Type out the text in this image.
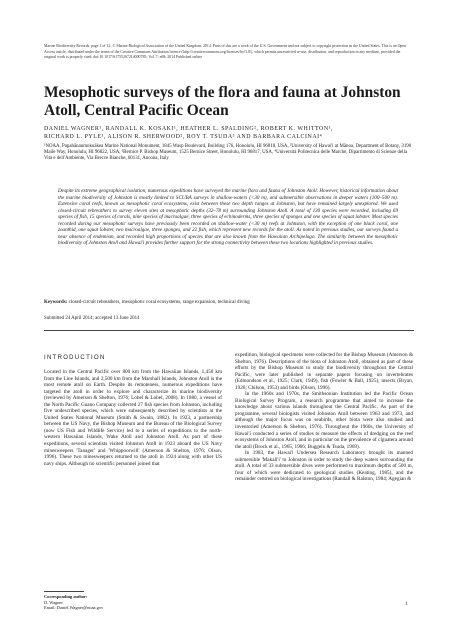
Marine Biodiversity Records, page 1 of 12. © Marine Biological Association of the United Kingdom, 2014. Parts of this are a work of the U.S. Government and not subject to copyright protection in the United States. This is an Open Access article, distributed under the terms of the Creative Commons Attribution licence (http://creativecommons.org/licenses/by/3.0/), which permits unrestricted re-use, distribution, and reproduction in any medium, provided the original work is properly cited. doi:10.1017/S1755267214000785; Vol. 7; e68; 2014 Published online
Mesophotic surveys of the flora and fauna at Johnston Atoll, Central Pacific Ocean
DANIEL WAGNER¹, RANDALL K. KOSAKI¹, HEATHER L. SPALDING², ROBERT K. WHITTON¹,
RICHARD L. PYLE³, ALISON R. SHERWOOD², ROY T. TSUDA³ AND BARBARA CALCINAI⁴
¹NOAA, Papahānaumokuākea Marine National Monument, 1845 Wasp Boulevard, Building 176, Honolulu, HI 96818, USA, ²University of Hawai'i at Mānoa, Department of Botany, 3190 Maile Way, Honolulu, HI 96822, USA, ³Bernice P. Bishop Museum, 1525 Bernice Street, Honolulu, HI 96817, USA, ⁴Università Politecnica delle Marche, Dipartimento di Scienze della Vita e dell'Ambiente, Via Brecce Bianche, 60131, Ancona, Italy
Despite its extreme geographical isolation, numerous expeditions have surveyed the marine flora and fauna of Johnston Atoll. However, historical information about the marine biodiversity of Johnston is mostly limited to SCUBA surveys in shallow-waters (<30 m), and submersible observations in deeper waters (100–500 m). Extensive coral reefs, known as mesophotic coral ecosystems, exist between these two depth ranges at Johnston, but have remained largely unexplored. We used closed-circuit rebreathers to survey eleven sites at mesophotic depths (32–78 m) surrounding Johnston Atoll. A total of 130 species were recorded, including 69 species of fish, 15 species of corals, nine species of macroalgae, three species of echinoderms, three species of sponges and one species of squat lobster. Most species recorded during our mesophotic surveys have previously been recorded on shallow-water (<30 m) reefs at Johnston, with the exception of one black coral, one zoanthid, one squat lobster, two macroalgae, three sponges, and 22 fish, which represent new records for the atoll. As noted in previous studies, our surveys found a near absence of endemism, and recorded high proportions of species that are also known from the Hawaiian Archipelago. The similarity between the mesophotic biodiversity of Johnston Atoll and Hawai'i provides further support for the strong connectivity between these two locations highlighted in previous studies.
Keywords: closed-circuit rebreathers, mesophotic coral ecosystems, range expansion, technical diving
Submitted 24 April 2014; accepted 13 June 2014
INTRODUCTION

Located in the Central Pacific over 800 km from the Hawaiian Islands, 1,450 km from the Line Islands, and 2,500 km from the Marshall Islands, Johnston Atoll is the most remote atoll on Earth. Despite its remoteness, numerous expeditions have targeted the atoll in order to explore and characterize its marine biodiversity (reviewed by Amerson & Shelton, 1976; Lobel & Lobel, 2008). In 1880, a vessel of the North Pacific Guano Company collected 27 fish species from Johnston, including five undescribed species, which were subsequently described by scientists at the United States National Museum (Smith & Swain, 1882). In 1923, a partnership between the US Navy, the Bishop Museum and the Bureau of the Biological Survey (now US Fish and Wildlife Service) led to a series of expeditions to the north-western Hawaiian Islands, Wake Atoll and Johnston Atoll. As part of these expeditions, several scientists visited Johnston Atoll in 1923 aboard the US Navy minesweepers 'Tanager' and 'Whippoorwill' (Amerson & Shelton, 1976; Olson, 1996). These two minesweepers returned to the atoll in 1924 along with other US navy ships. Although no scientific personnel joined that

expedition, biological specimens were collected for the Bishop Museum (Amerson & Shelton, 1976). Descriptions of the biota of Johnston Atoll, obtained as part of these efforts by the Bishop Museum to study the biodiversity throughout the Central Pacific, were later published in separate papers focusing on invertebrates (Edmondson et al., 1925; Clark, 1949), fish (Fowler & Ball, 1925), insects (Bryan, 1926; Chilson, 1953) and birds (Olson, 1996).

In the 1960s and 1970s, the Smithsonian Institution led the Pacific Ocean Biological Survey Program, a research programme that aimed to increase the knowledge about various islands throughout the Central Pacific. As part of the programme, several biologists visited Johnston Atoll between 1963 and 1973, and although the major focus was on seabirds, other biota were also studied and inventoried (Amerson & Shelton, 1976). Throughout the 1960s, the University of Hawai'i conducted a series of studies to measure the effects of dredging on the reef ecosystems of Johnston Atoll, and in particular on the prevalence of ciguatera around the atoll (Brock et al., 1965, 1966; Buggeln & Tsuda, 1969).

In 1983, the Hawai'i Undersea Research Laboratory brought its manned submersible 'Makali'i' to Johnston in order to study the deep waters surrounding the atoll. A total of 33 submersible dives were performed to maximum depths of 500 m, four of which were dedicated to geological studies (Keating, 1985), and the remainder centred on biological investigations (Randall & Ralston, 1984; Agegian &

Corresponding author:
D. Wagner
Email: Daniel.Wagner@noaa.gov
1
